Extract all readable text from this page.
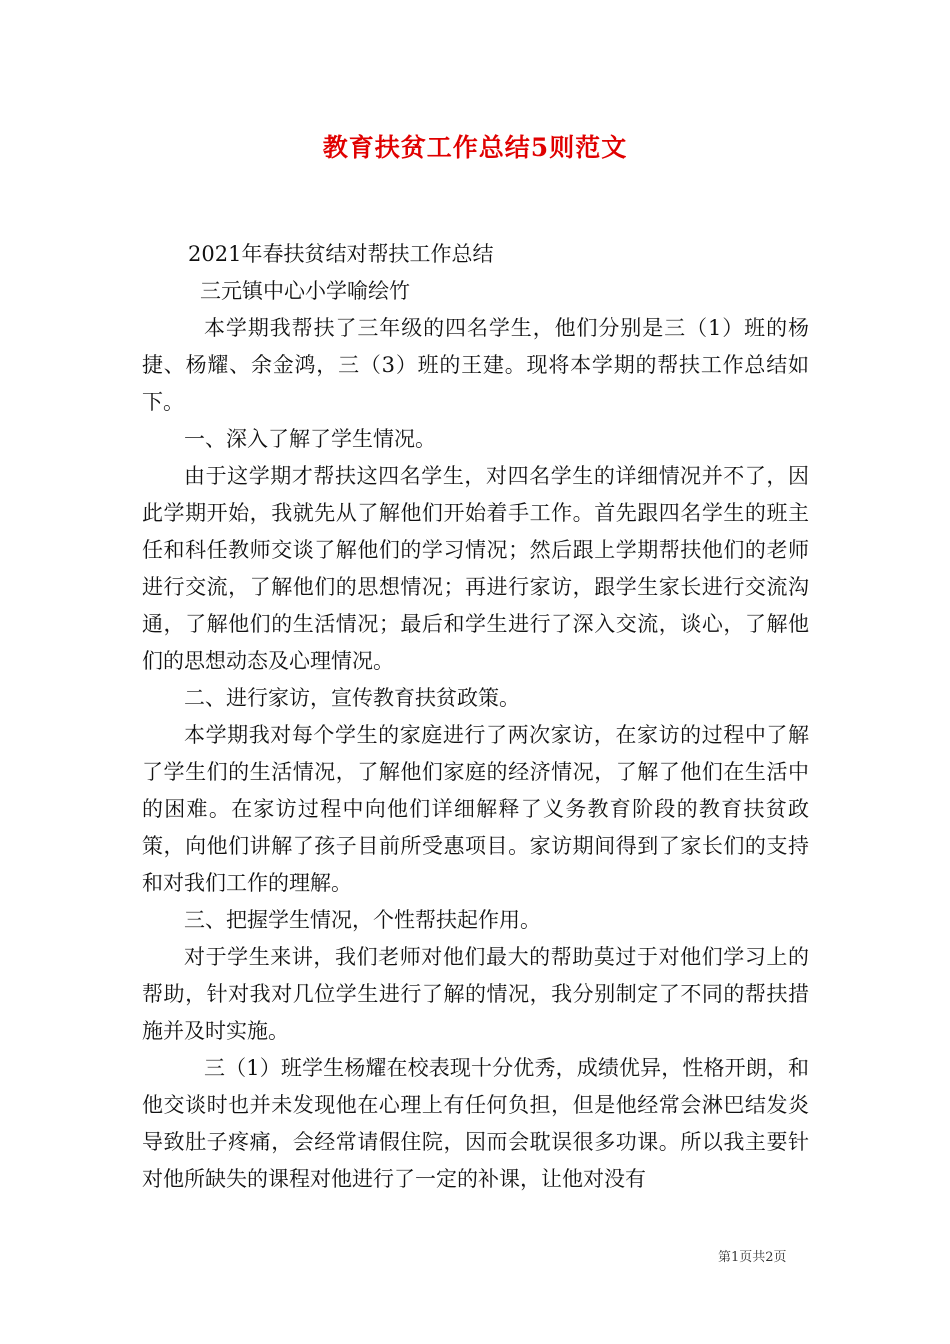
教育扶贫工作总结5则范文

2021年春扶贫结对帮扶工作总结

三元镇中心小学喻绘竹

本学期我帮扶了三年级的四名学生，他们分别是三（1）班的杨捷、杨耀、余金鸿，三（3）班的王建。现将本学期的帮扶工作总结如下。

一、深入了解了学生情况。

由于这学期才帮扶这四名学生，对四名学生的详细情况并不了，因此学期开始，我就先从了解他们开始着手工作。首先跟四名学生的班主任和科任教师交谈了解他们的学习情况；然后跟上学期帮扶他们的老师进行交流，了解他们的思想情况；再进行家访，跟学生家长进行交流沟通，了解他们的生活情况；最后和学生进行了深入交流，谈心，了解他们的思想动态及心理情况。

二、进行家访，宣传教育扶贫政策。

本学期我对每个学生的家庭进行了两次家访，在家访的过程中了解了学生们的生活情况，了解他们家庭的经济情况，了解了他们在生活中的困难。在家访过程中向他们详细解释了义务教育阶段的教育扶贫政策，向他们讲解了孩子目前所受惠项目。家访期间得到了家长们的支持和对我们工作的理解。

三、把握学生情况，个性帮扶起作用。

对于学生来讲，我们老师对他们最大的帮助莫过于对他们学习上的帮助，针对我对几位学生进行了解的情况，我分别制定了不同的帮扶措施并及时实施。

三（1）班学生杨耀在校表现十分优秀，成绩优异，性格开朗，和他交谈时也并未发现他在心理上有任何负担，但是他经常会淋巴结发炎导致肚子疼痛，会经常请假住院，因而会耽误很多功课。所以我主要针对他所缺失的课程对他进行了一定的补课，让他对没有

第1页共2页
